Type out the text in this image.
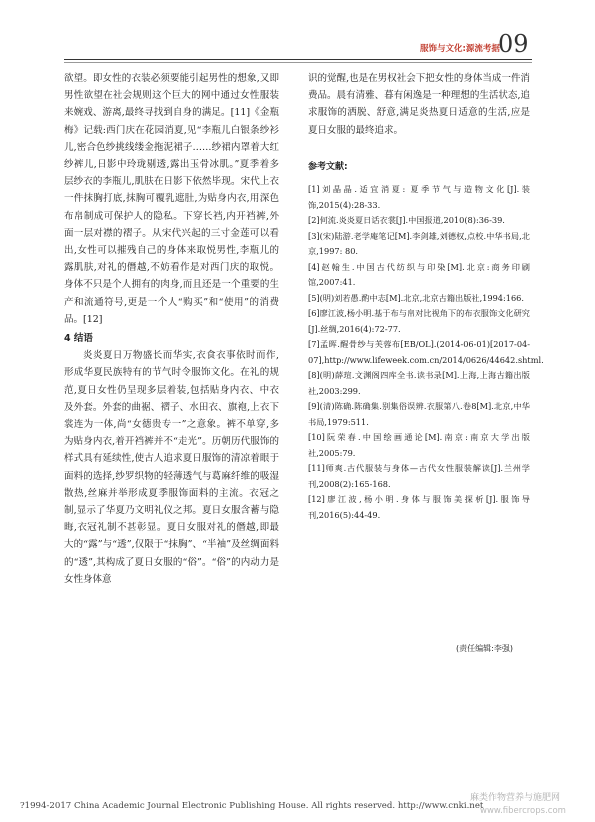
09
服饰与文化:源流考据

欲望。即女性的衣装必须要能引起男性的想象,又即男性欲望在社会规则这个巨大的网中通过女性服装来婉戏、游离,最终寻找到自身的满足。[11]《金瓶梅》记载:西门庆在花园消夏,见“李瓶儿白银条纱衫儿,密合色纱挑线缕金拖泥裙子……纱裙内罩着大红纱裤儿,日影中玲珑剔透,露出玉骨冰肌。”夏季着多层纱衣的李瓶儿,肌肤在日影下依然毕现。宋代上衣一件抹胸打底,抹胸可覆乳遮肚,为贴身内衣,用深色布帛制成可保护人的隐私。下穿长裆,内开裆裤,外面一层对襟的褶子。从宋代兴起的三寸金莲可以看出,女性可以摧残自己的身体来取悦男性,李瓶儿的露肌肤,对礼的僭越,不妨看作是对西门庆的取悦。身体不只是个人拥有的肉身,而且还是一个重要的生产和流通符号,更是一个人“购买”和“使用”的消费品。[12]

4 结语

炎炎夏日万物盛长而华实,衣食衣事依时而作,形成华夏民族特有的节气时令服饰文化。在礼的规范,夏日女性仍呈现多层着装,包括贴身内衣、中衣及外套。外套的曲裾、褶子、水田衣、旗袍,上衣下裳连为一体,尚“女德贵专一”之意象。裤不单穿,多为贴身内衣,着开裆裤并不“走光”。历朝历代服饰的样式具有延续性,使古人追求夏日服饰的清凉着眼于面料的选择,纱罗织物的轻薄透气与葛麻纤维的吸湿散热,丝麻并举形成夏季服饰面料的主流。衣冠之制,显示了华夏乃文明礼仪之邦。夏日女服含蓄与隐晦,衣冠礼制不甚彰显。夏日女服对礼的僭越,即最大的“露”与“透”,仅限于“抹胸”、“半袖”及丝绸面料的“透”,其构成了夏日女服的“俗”。“俗”的内动力是女性身体意

识的觉醒,也是在男权社会下把女性的身体当成一件消费品。晨有清雅、暮有闲逸是一种理想的生活状态,追求服饰的洒脱、舒意,满足炎热夏日适意的生活,应是夏日女服的最终追求。

参考文献:

[1]刘晶晶.适宜消夏: 夏季节气与造物文化[J].装饰,2015(4):28-33.

[2]何流.炎炎夏日话衣裳[J].中国报道,2010(8):36-39.

[3](宋)陆游.老学庵笔记[M].李剑雄,刘德权,点校.中华书局,北京,1997: 80.

[4]赵翰生.中国古代纺织与印染[M].北京:商务印刷馆,2007:41.

[5](明)刘若愚.酌中志[M].北京,北京古籍出版社,1994:166.

[6]廖江波,杨小明.基于布与帛对比视角下的布衣服饰文化研究[J].丝绸,2016(4):72-77.

[7]孟晖.醒骨纱与芙蓉布[EB/OL].(2014-06-01)[2017-04-07],http://www.lifeweek.com.cn/2014/0626/44642.shtml.

[8](明)薛瑄.文渊阁四库全书.读书录[M].上海,上海古籍出版社,2003:299.

[9](清)陈确.陈确集.别集俗误辨.衣服第八.卷8[M].北京,中华书局,1979:511.

[10]阮荣春.中国绘画通论[M].南京:南京大学出版社,2005:79.

[11]师爽.古代服装与身体—古代女性服装解读[J].兰州学刊,2008(2):165-168.

[12]廖江波,杨小明.身体与服饰美探析[J].服饰导刊,2016(5):44-49.

(责任编辑:李强)
?1994-2017 China Academic Journal Electronic Publishing House. All rights reserved. http://www.cnki.net
麻类作物营养与施肥网
www.fibercrops.com
